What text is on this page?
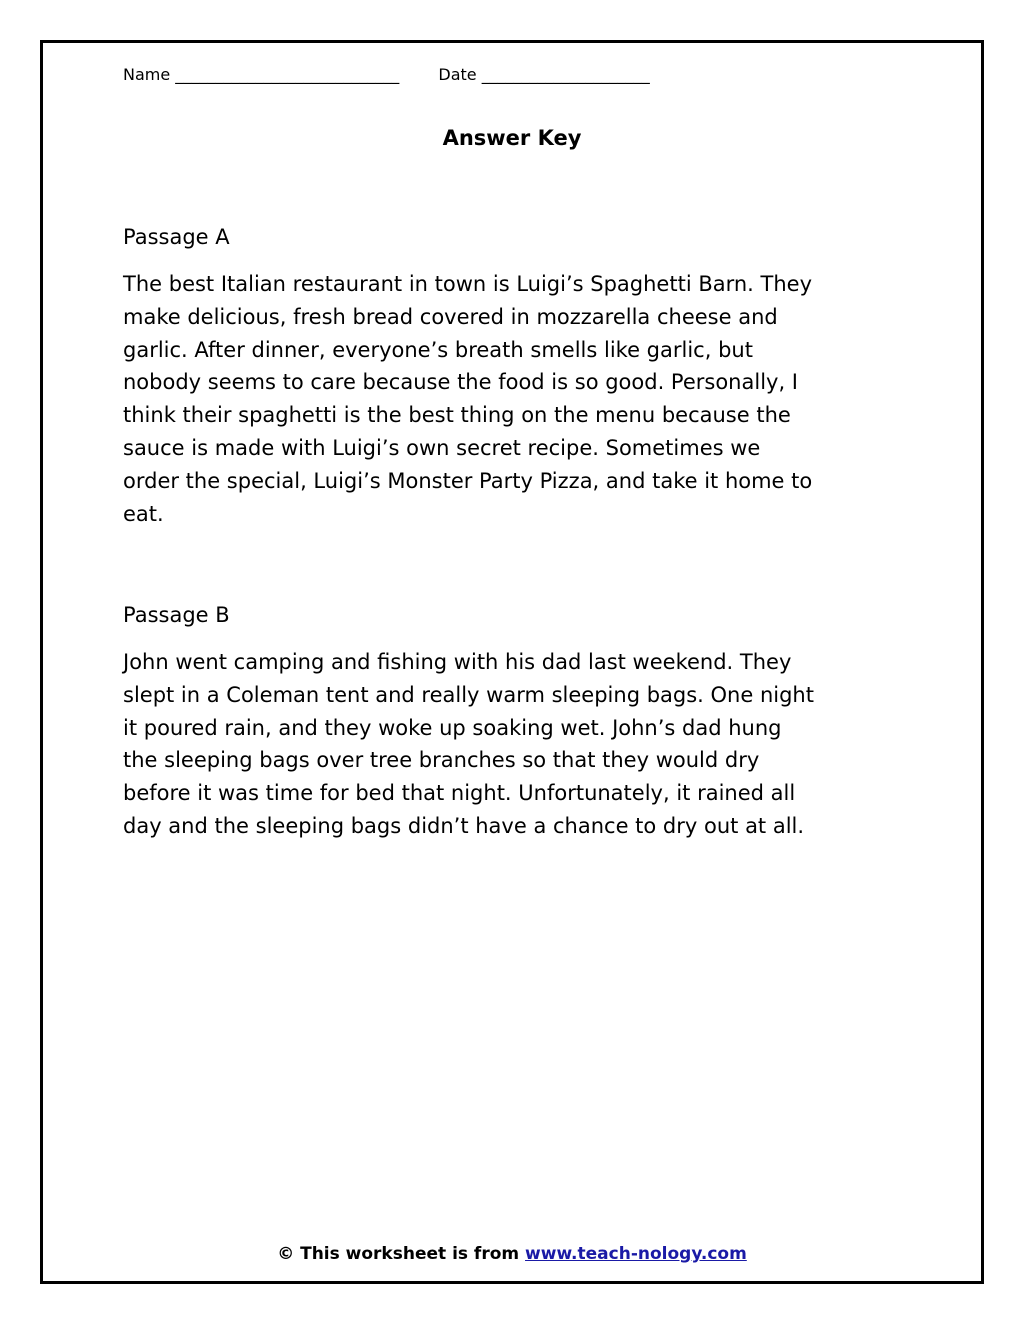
Name ____________________________ Date _____________________
Answer Key
Passage A

The best Italian restaurant in town is Luigi’s Spaghetti Barn. They
make delicious, fresh bread covered in mozzarella cheese and
garlic. After dinner, everyone’s breath smells like garlic, but
nobody seems to care because the food is so good. Personally, I
think their spaghetti is the best thing on the menu because the
sauce is made with Luigi’s own secret recipe. Sometimes we
order the special, Luigi’s Monster Party Pizza, and take it home to
eat.

Passage B

John went camping and fishing with his dad last weekend. They
slept in a Coleman tent and really warm sleeping bags. One night
it poured rain, and they woke up soaking wet. John’s dad hung
the sleeping bags over tree branches so that they would dry
before it was time for bed that night. Unfortunately, it rained all
day and the sleeping bags didn’t have a chance to dry out at all.

© This worksheet is from www.teach-nology.com
